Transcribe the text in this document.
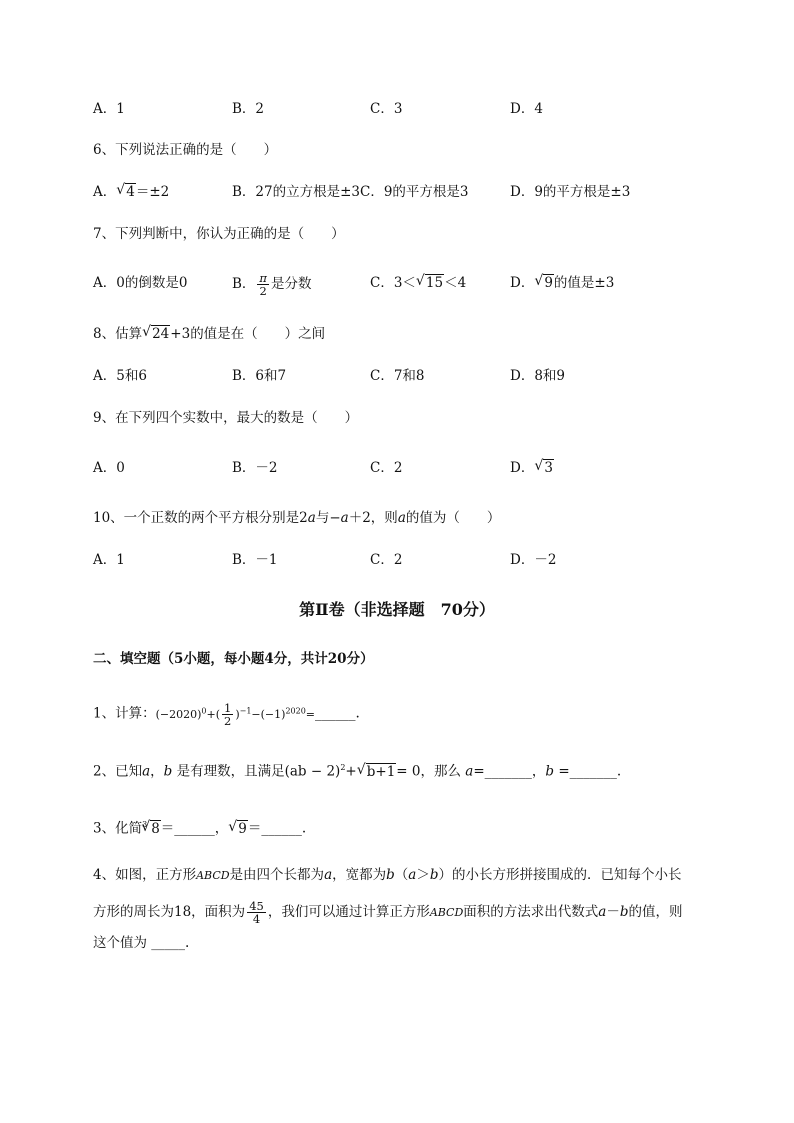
A．1	B．2	C．3	D．4
6、下列说法正确的是（　　）
A． √ 4＝±2	B．27的立方根是±3C．9的平方根是3	D．9的平方根是±3
7、下列判断中，你认为正确的是（　　）
A．0的倒数是0	B． $\frac{\pi}{2}$ 是分数	C．3＜ √ 15＜4	D． √ 9的值是±3
8、估算 √ 24+3的值是在（　　）之间
A．5和6	B．6和7	C．7和8	D．8和9
9、在下列四个实数中，最大的数是（　　）
A．0	B．－2	C．2	D． √ 3
10、一个正数的两个平方根分别是2a与−a＋2，则a的值为（　　）
A．1	B．－1	C．2	D．－2
第Ⅱ卷（非选择题　70分）
二、填空题（5小题，每小题4分，共计20分）
1、计算：$(-2020)^0+( \frac{1}{2}$ )$^{-1}-(-1)^{2020}=\_\_\_\_\_\_$.
2、已知a，b 是有理数，且满足(ab − 2)$^2$+ √ b+1= 0，那么 a=_______，b =_______.
3、化简$^3$ √ 8＝______， √ 9＝______.
4、如图，正方形ABCD是由四个长都为a，宽都为b（a＞b）的小长方形拼接围成的．已知每个小长
方形的周长为18，面积为 $\frac{45}{4}$ ，我们可以通过计算正方形ABCD面积的方法求出代数式a－b的值，则
这个值为 _____.
